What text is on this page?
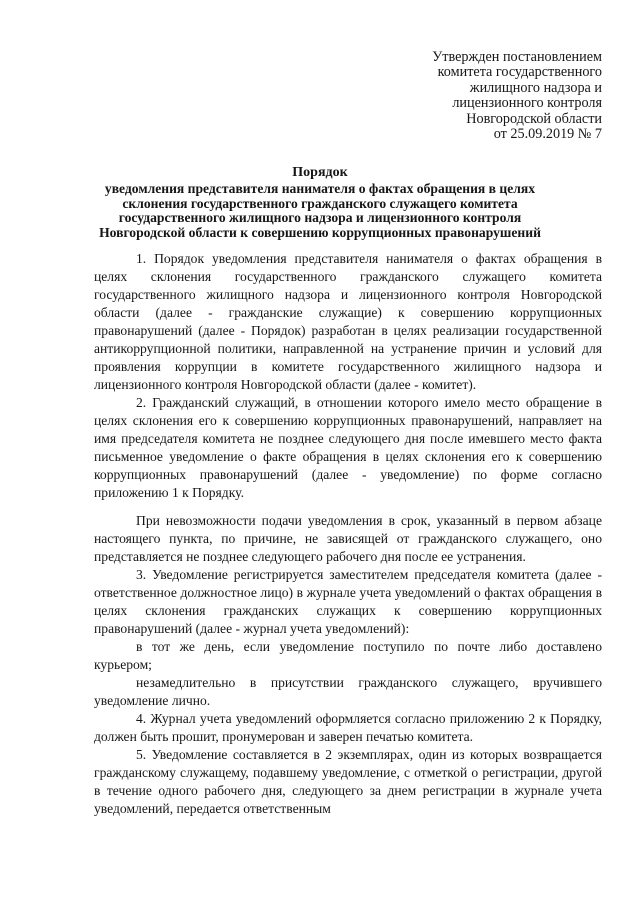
Утвержден постановлением
комитета государственного
жилищного надзора и
лицензионного контроля
Новгородской области
от 25.09.2019 № 7
Порядок
уведомления представителя нанимателя о фактах обращения в целях
склонения государственного гражданского служащего комитета
государственного жилищного надзора и лицензионного контроля
Новгородской области к совершению коррупционных правонарушений

1. Порядок уведомления представителя нанимателя о фактах обращения в целях склонения государственного гражданского служащего комитета государственного жилищного надзора и лицензионного контроля Новгородской области (далее - гражданские служащие) к совершению коррупционных правонарушений (далее - Порядок) разработан в целях реализации государственной антикоррупционной политики, направленной на устранение причин и условий для проявления коррупции в комитете государственного жилищного надзора и лицензионного контроля Новгородской области (далее - комитет).

2. Гражданский служащий, в отношении которого имело место обращение в целях склонения его к совершению коррупционных правонарушений, направляет на имя председателя комитета не позднее следующего дня после имевшего место факта письменное уведомление о факте обращения в целях склонения его к совершению коррупционных правонарушений (далее - уведомление) по форме согласно приложению 1 к Порядку.

При невозможности подачи уведомления в срок, указанный в первом абзаце настоящего пункта, по причине, не зависящей от гражданского служащего, оно представляется не позднее следующего рабочего дня после ее устранения.

3. Уведомление регистрируется заместителем председателя комитета (далее - ответственное должностное лицо) в журнале учета уведомлений о фактах обращения в целях склонения гражданских служащих к совершению коррупционных правонарушений (далее - журнал учета уведомлений):

в тот же день, если уведомление поступило по почте либо доставлено курьером;

незамедлительно в присутствии гражданского служащего, вручившего уведомление лично.

4. Журнал учета уведомлений оформляется согласно приложению 2 к Порядку, должен быть прошит, пронумерован и заверен печатью комитета.

5. Уведомление составляется в 2 экземплярах, один из которых возвращается гражданскому служащему, подавшему уведомление, с отметкой о регистрации, другой в течение одного рабочего дня, следующего за днем регистрации в журнале учета уведомлений, передается ответственным
